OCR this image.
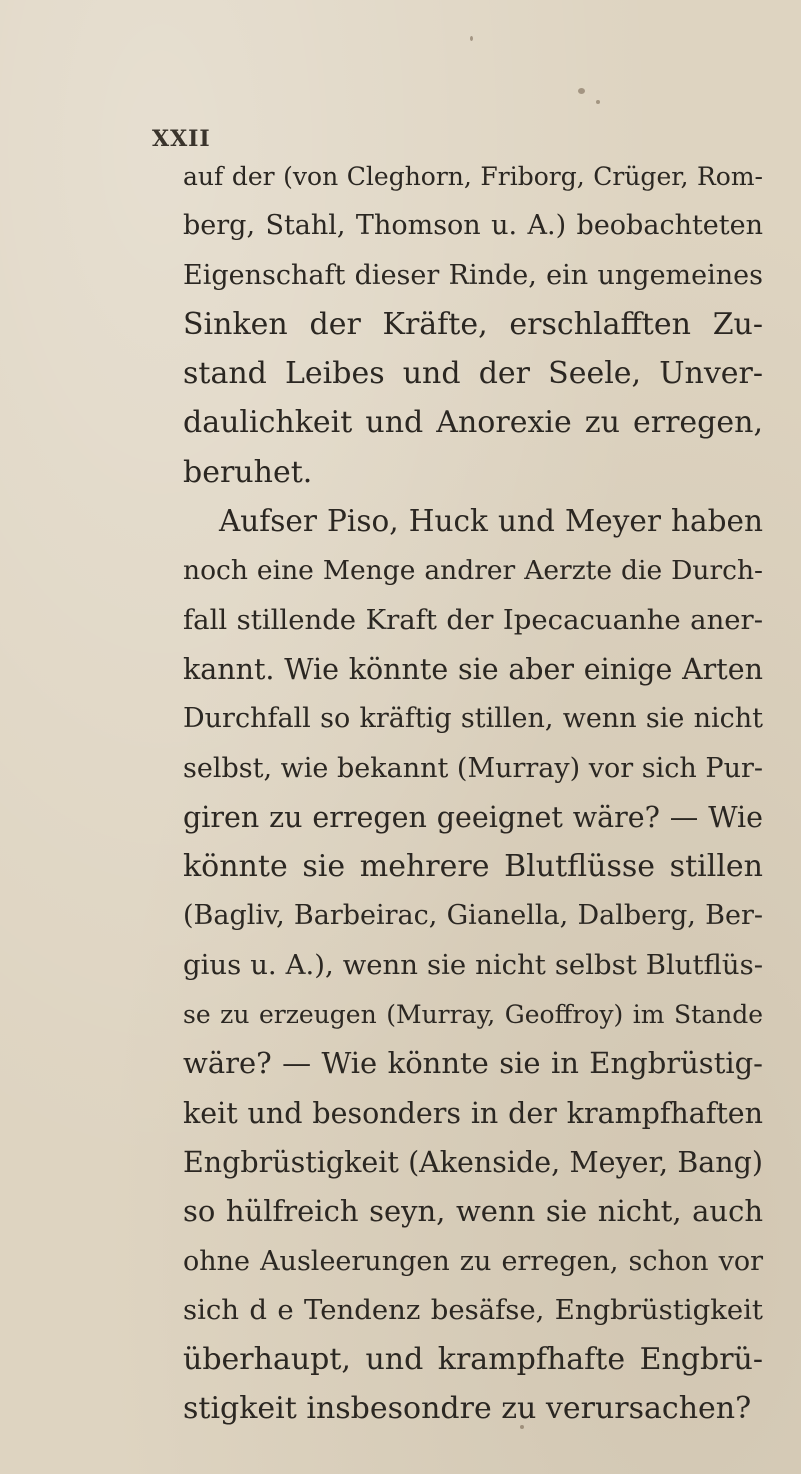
XXII
auf der (von Cleghorn, Friborg, Crüger, Rom-
berg, Stahl, Thomson u. A.) beobachteten
Eigenschaft dieser Rinde, ein ungemeines
Sinken der Kräfte, erschlafften Zu-
stand Leibes und der Seele, Unver-
daulichkeit und Anorexie zu erregen,
beruhet.
Aufser Piso, Huck und Meyer haben
noch eine Menge andrer Aerzte die Durch-
fall stillende Kraft der Ipecacuanhe aner-
kannt. Wie könnte sie aber einige Arten
Durchfall so kräftig stillen, wenn sie nicht
selbst, wie bekannt (Murray) vor sich Pur-
giren zu erregen geeignet wäre? — Wie
könnte sie mehrere Blutflüsse stillen
(Bagliv, Barbeirac, Gianella, Dalberg, Ber-
gius u. A.), wenn sie nicht selbst Blutflüs-
se zu erzeugen (Murray, Geoffroy) im Stande
wäre? — Wie könnte sie in Engbrüstig-
keit und besonders in der krampfhaften
Engbrüstigkeit (Akenside, Meyer, Bang)
so hülfreich seyn, wenn sie nicht, auch
ohne Ausleerungen zu erregen, schon vor
sich d e Tendenz besäfse, Engbrüstigkeit
überhaupt, und krampfhafte Engbrü-
stigkeit insbesondre zu verursachen?
